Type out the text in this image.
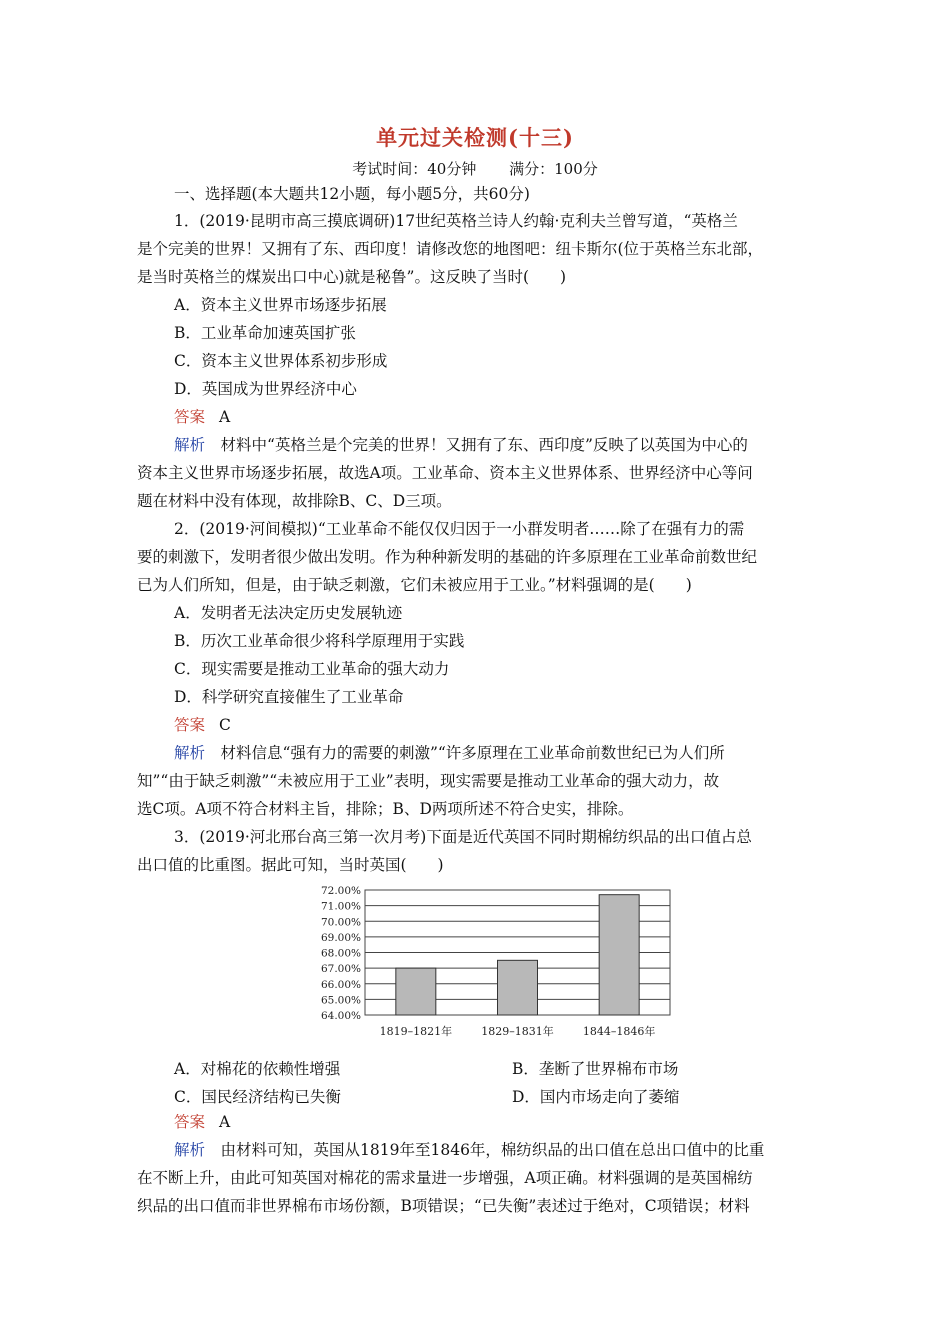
单元过关检测(十三)
考试时间：40分钟 满分：100分
一、选择题(本大题共12小题，每小题5分，共60分)
1．(2019·昆明市高三摸底调研)17世纪英格兰诗人约翰·克利夫兰曾写道，“英格兰
是个完美的世界！又拥有了东、西印度！请修改您的地图吧：纽卡斯尔(位于英格兰东北部，
是当时英格兰的煤炭出口中心)就是秘鲁”。这反映了当时(　　)
A．资本主义世界市场逐步拓展
B．工业革命加速英国扩张
C．资本主义世界体系初步形成
D．英国成为世界经济中心
答案 A
解析　 材料中“英格兰是个完美的世界！又拥有了东、西印度”反映了以英国为中心的
资本主义世界市场逐步拓展，故选A项。工业革命、资本主义世界体系、世界经济中心等问
题在材料中没有体现，故排除B、C、D三项。
2．(2019·河间模拟)“工业革命不能仅仅归因于一小群发明者……除了在强有力的需
要的刺激下，发明者很少做出发明。作为种种新发明的基础的许多原理在工业革命前数世纪
已为人们所知，但是，由于缺乏刺激，它们未被应用于工业。”材料强调的是(　　)
A．发明者无法决定历史发展轨迹
B．历次工业革命很少将科学原理用于实践
C．现实需要是推动工业革命的强大动力
D．科学研究直接催生了工业革命
答案 C
解析　 材料信息“强有力的需要的刺激”“许多原理在工业革命前数世纪已为人们所
知”“由于缺乏刺激”“未被应用于工业”表明，现实需要是推动工业革命的强大动力，故
选C项。A项不符合材料主旨，排除；B、D两项所述不符合史实，排除。
3．(2019·河北邢台高三第一次月考)下面是近代英国不同时期棉纺织品的出口值占总
出口值的比重图。据此可知，当时英国(　　)
72.00%
71.00%
70.00%
69.00%
68.00%
67.00%
66.00%
65.00%
64.00%
1819–1821年	1829–1831年	1844–1846年
A．对棉花的依赖性增强	B．垄断了世界棉布市场
C．国民经济结构已失衡	D．国内市场走向了萎缩
答案 A
解析　 由材料可知，英国从1819年至1846年，棉纺织品的出口值在总出口值中的比重
在不断上升，由此可知英国对棉花的需求量进一步增强，A项正确。材料强调的是英国棉纺
织品的出口值而非世界棉布市场份额，B项错误；“已失衡”表述过于绝对，C项错误；材料
